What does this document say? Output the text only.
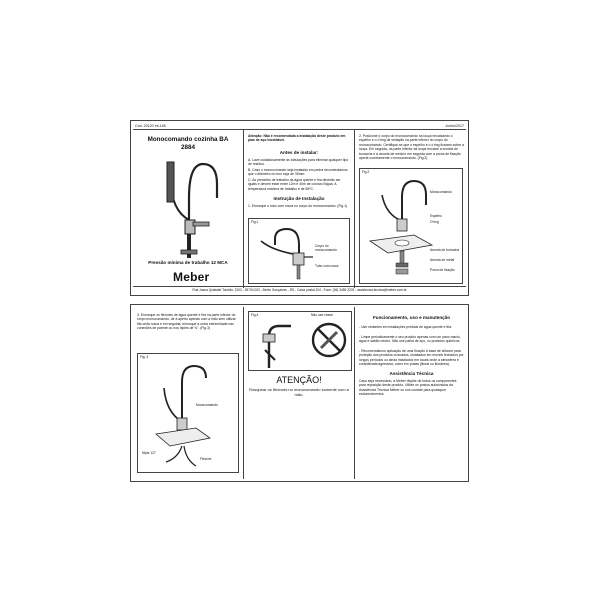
Cód. 20120 Int.146	Junho/2017
Monocomando cozinha BA
2884
Pressão mínima de trabalho 12 MCA
Meber
Atenção: Não é recomendada a instalação deste produto em pias de aço inoxidável.
Antes de instalar:
A. Lave cuidadosamente as tubulações para eliminar qualquer tipo de resíduo.
B. Caso o monocomando seja instalado em pedra recomendamos que o diâmetro do furo seja de 35mm.
C. As pressões de trabalho da água quente e fria deverão ser iguais e devem estar entre 12m e 40m de coluna d'água. A temperatura máxima de trabalho é de 65ºC.
Instrução de Instalação
1. Enrosque o tubo com rosca no corpo do monocomando. (Fig.1)
Fig.1
Corpo do monocomando
Tubo com rosca
2. Posicione o corpo do monocomando na louça encaixando o espelho e o o'ring de vedação na parte inferior do corpo do monocomando. Certifique-se que o espelho e o o'ring ficaram sobre a louça. Em seguida, na parte inferior da louça encaixe a arruela de borracha e a arruela de metal e em seguida com a porca de fixação aperte corretamente o monocomando. (Fig.2)
Fig.2
Monocomando
Espelho
O'ring
Arruela de borracha
Arruela de metal
Porca de fixação
Rua Joana Quistalet Toniello, 2203 - 95700-000 - Bento Gonçalves - RS - Caixa postal 204 - Fone: (54) 3455 2203 - assistencia.tecnica@meber.com.br
3. Enrosque os flexíveis de água quente e fria na parte inferior do corpo monocomando, de á aperto apenas com a mão sem utilizar fita veda rosca e em seguida, enrosque a outra extremidade nas conexões de parede ou nos niples de ¾". (Fig.3)
Fig. 3
Monocomando
Niple 1/2"
Flexível
Fig.4	Não use chave
ATENÇÃO!
Rosquear os flexíveis no monocomando somente com a mão.
Funcionamento, uso e manutenção
- Use vedantes em instalações prediais de água quente e fria.
- Limpe periodicamente o seu produto apenas com um pano macio, água e sabão neutro. Não use palha de aço, ou produtos químicos.
- Recomendamos aplicação de uma fixação à base de silicone para proteção dos produtos cromados, instalados em móveis fechados por longos períodos ou ainda instalados em locais onde a atmosfera é considerada agressiva, como em praias (litoral ou litorânea).
Assistência Técnica
Caso seja necessário, a Meber dispõe de todos os componentes para reposição deste produto. Utilize os postos autorizados da Assistência Técnica Meber ou nos contate para quaisquer esclarecimentos.
